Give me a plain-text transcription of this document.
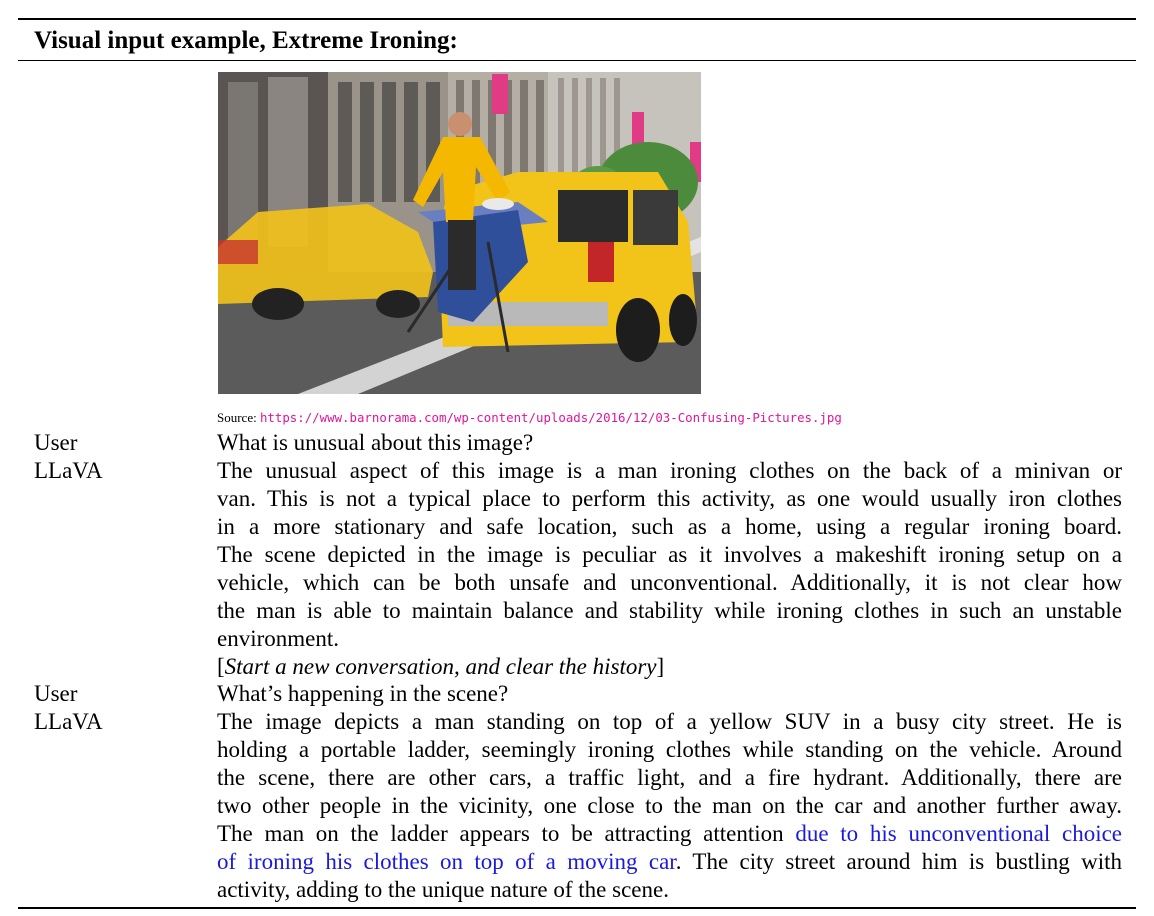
Visual input example, Extreme Ironing:
Source: https://www.barnorama.com/wp-content/uploads/2016/12/03-Confusing-Pictures.jpg
User	What is unusual about this image?
LLaVA	The unusual aspect of this image is a man ironing clothes on the back of a minivan or
van. This is not a typical place to perform this activity, as one would usually iron clothes
in a more stationary and safe location, such as a home, using a regular ironing board.
The scene depicted in the image is peculiar as it involves a makeshift ironing setup on a
vehicle, which can be both unsafe and unconventional. Additionally, it is not clear how
the man is able to maintain balance and stability while ironing clothes in such an unstable
environment.
[Start a new conversation, and clear the history]
User	What’s happening in the scene?
LLaVA	The image depicts a man standing on top of a yellow SUV in a busy city street. He is
holding a portable ladder, seemingly ironing clothes while standing on the vehicle. Around
the scene, there are other cars, a traffic light, and a fire hydrant. Additionally, there are
two other people in the vicinity, one close to the man on the car and another further away.
The man on the ladder appears to be attracting attention due to his unconventional choice
of ironing his clothes on top of a moving car. The city street around him is bustling with
activity, adding to the unique nature of the scene.
